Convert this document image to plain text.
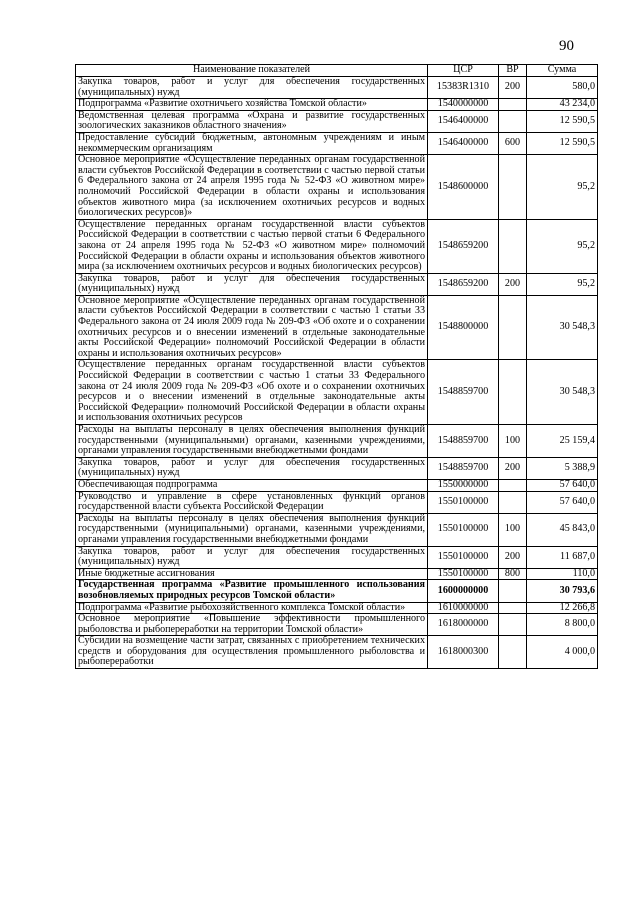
90
Наименование показателей	ЦСР	ВР	Сумма
Закупка товаров, работ и услуг для обеспечения государственных (муниципальных) нужд	15383R1310	200	580,0
Подпрограмма «Развитие охотничьего хозяйства Томской области»	1540000000		43 234,0
Ведомственная целевая программа «Охрана и развитие государственных зоологических заказников областного значения»	1546400000		12 590,5
Предоставление субсидий бюджетным, автономным учреждениям и иным некоммерческим организациям	1546400000	600	12 590,5
Основное мероприятие «Осуществление переданных органам государственной власти субъектов Российской Федерации в соответствии с частью первой статьи 6 Федерального закона от 24 апреля 1995 года № 52-ФЗ «О животном мире» полномочий Российской Федерации в области охраны и использования объектов животного мира (за исключением охотничьих ресурсов и водных биологических ресурсов)»	1548600000		95,2
Осуществление переданных органам государственной власти субъектов Российской Федерации в соответствии с частью первой статьи 6 Федерального закона от 24 апреля 1995 года № 52-ФЗ «О животном мире» полномочий Российской Федерации в области охраны и использования объектов животного мира (за исключением охотничьих ресурсов и водных биологических ресурсов)	1548659200		95,2
Закупка товаров, работ и услуг для обеспечения государственных (муниципальных) нужд	1548659200	200	95,2
Основное мероприятие «Осуществление переданных органам государственной власти субъектов Российской Федерации в соответствии с частью 1 статьи 33 Федерального закона от 24 июля 2009 года № 209-ФЗ «Об охоте и о сохранении охотничьих ресурсов и о внесении изменений в отдельные законодательные акты Российской Федерации» полномочий Российской Федерации в области охраны и использования охотничьих ресурсов»	1548800000		30 548,3
Осуществление переданных органам государственной власти субъектов Российской Федерации в соответствии с частью 1 статьи 33 Федерального закона от 24 июля 2009 года № 209-ФЗ «Об охоте и о сохранении охотничьих ресурсов и о внесении изменений в отдельные законодательные акты Российской Федерации» полномочий Российской Федерации в области охраны и использования охотничьих ресурсов	1548859700		30 548,3
Расходы на выплаты персоналу в целях обеспечения выполнения функций государственными (муниципальными) органами, казенными учреждениями, органами управления государственными внебюджетными фондами	1548859700	100	25 159,4
Закупка товаров, работ и услуг для обеспечения государственных (муниципальных) нужд	1548859700	200	5 388,9
Обеспечивающая подпрограмма	1550000000		57 640,0
Руководство и управление в сфере установленных функций органов государственной власти субъекта Российской Федерации	1550100000		57 640,0
Расходы на выплаты персоналу в целях обеспечения выполнения функций государственными (муниципальными) органами, казенными учреждениями, органами управления государственными внебюджетными фондами	1550100000	100	45 843,0
Закупка товаров, работ и услуг для обеспечения государственных (муниципальных) нужд	1550100000	200	11 687,0
Иные бюджетные ассигнования	1550100000	800	110,0
Государственная программа «Развитие промышленного использования возобновляемых природных ресурсов Томской области»	1600000000		30 793,6
Подпрограмма «Развитие рыбохозяйственного комплекса Томской области»	1610000000		12 266,8
Основное мероприятие «Повышение эффективности промышленного рыболовства и рыбопереработки на территории Томской области»	1618000000		8 800,0
Субсидии на возмещение части затрат, связанных с приобретением технических средств и оборудования для осуществления промышленного рыболовства и рыбопереработки	1618000300		4 000,0
